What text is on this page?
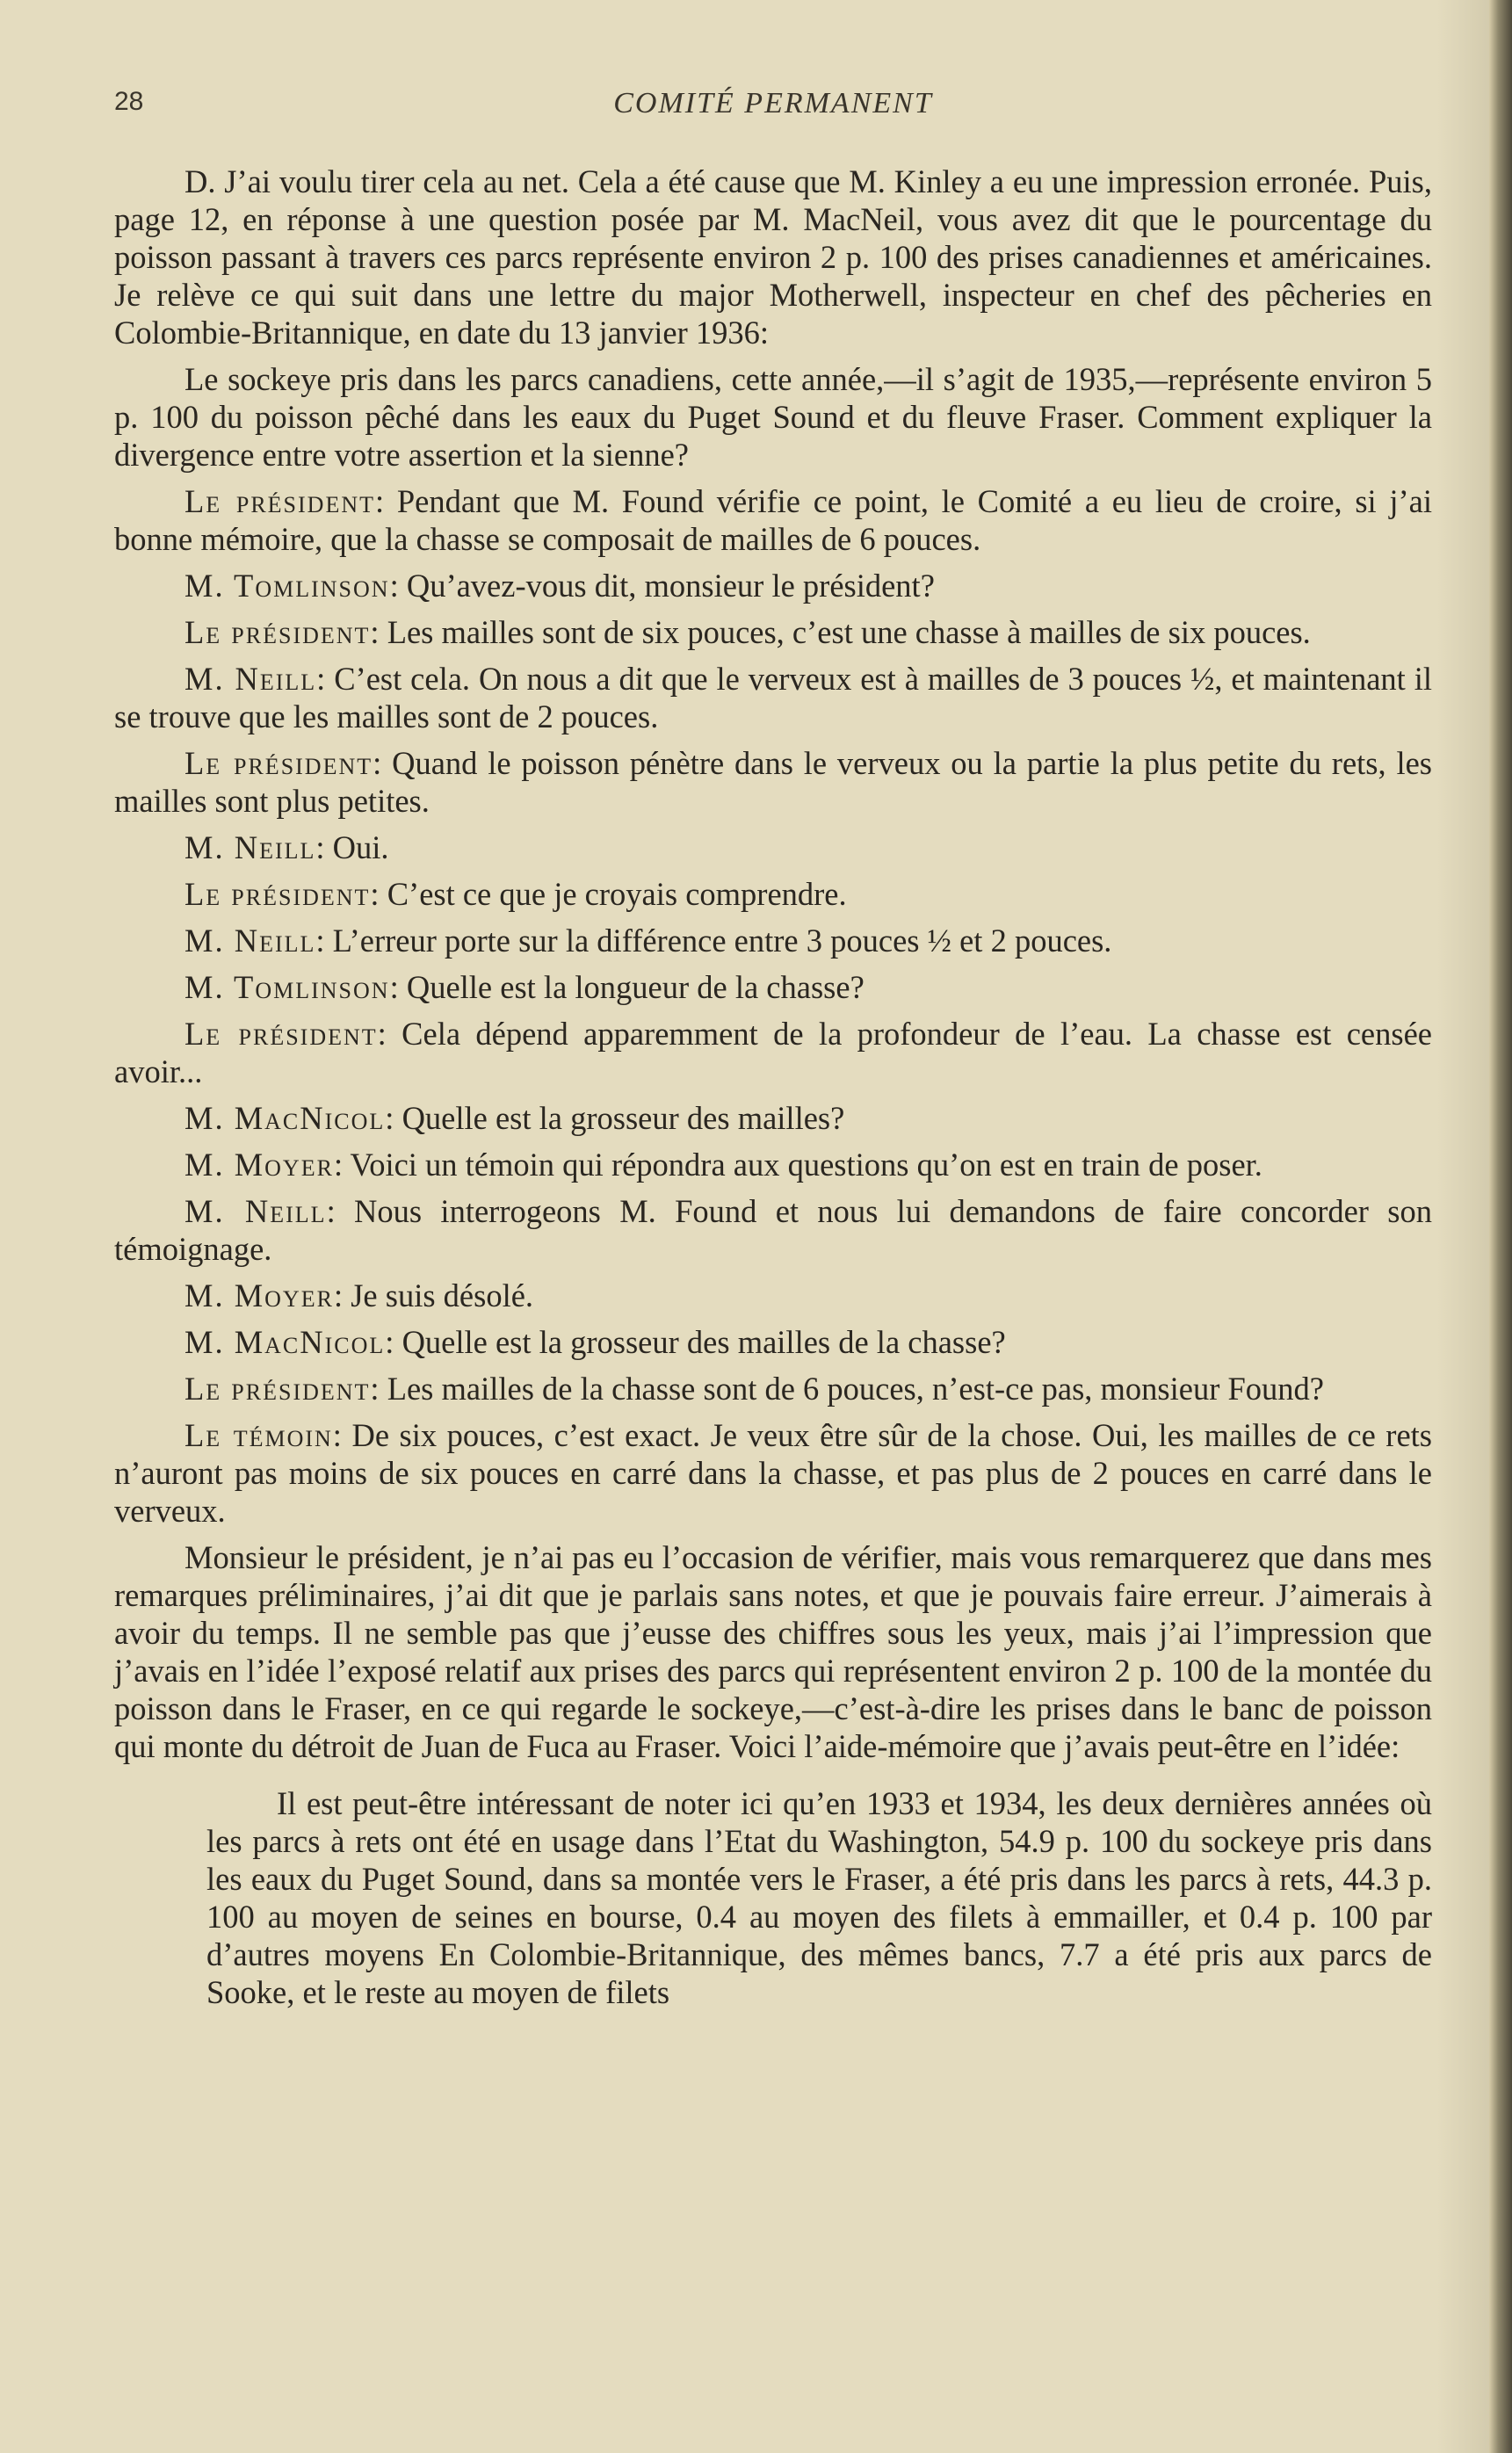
28	COMITÉ PERMANENT

D. J’ai voulu tirer cela au net. Cela a été cause que M. Kinley a eu une impression erronée. Puis, page 12, en réponse à une question posée par M. MacNeil, vous avez dit que le pourcentage du poisson passant à travers ces parcs représente environ 2 p. 100 des prises canadiennes et américaines. Je relève ce qui suit dans une lettre du major Motherwell, inspecteur en chef des pêcheries en Colombie-Britannique, en date du 13 janvier 1936:

Le sockeye pris dans les parcs canadiens, cette année,—il s’agit de 1935,—représente environ 5 p. 100 du poisson pêché dans les eaux du Puget Sound et du fleuve Fraser. Comment expliquer la divergence entre votre assertion et la sienne?

Le président: Pendant que M. Found vérifie ce point, le Comité a eu lieu de croire, si j’ai bonne mémoire, que la chasse se composait de mailles de 6 pouces.

M. Tomlinson: Qu’avez-vous dit, monsieur le président?

Le président: Les mailles sont de six pouces, c’est une chasse à mailles de six pouces.

M. Neill: C’est cela. On nous a dit que le verveux est à mailles de 3 pouces ½, et maintenant il se trouve que les mailles sont de 2 pouces.

Le président: Quand le poisson pénètre dans le verveux ou la partie la plus petite du rets, les mailles sont plus petites.

M. Neill: Oui.

Le président: C’est ce que je croyais comprendre.

M. Neill: L’erreur porte sur la différence entre 3 pouces ½ et 2 pouces.

M. Tomlinson: Quelle est la longueur de la chasse?

Le président: Cela dépend apparemment de la profondeur de l’eau. La chasse est censée avoir...

M. MacNicol: Quelle est la grosseur des mailles?

M. Moyer: Voici un témoin qui répondra aux questions qu’on est en train de poser.

M. Neill: Nous interrogeons M. Found et nous lui demandons de faire concorder son témoignage.

M. Moyer: Je suis désolé.

M. MacNicol: Quelle est la grosseur des mailles de la chasse?

Le président: Les mailles de la chasse sont de 6 pouces, n’est-ce pas, monsieur Found?

Le témoin: De six pouces, c’est exact. Je veux être sûr de la chose. Oui, les mailles de ce rets n’auront pas moins de six pouces en carré dans la chasse, et pas plus de 2 pouces en carré dans le verveux.

Monsieur le président, je n’ai pas eu l’occasion de vérifier, mais vous remarquerez que dans mes remarques préliminaires, j’ai dit que je parlais sans notes, et que je pouvais faire erreur. J’aimerais à avoir du temps. Il ne semble pas que j’eusse des chiffres sous les yeux, mais j’ai l’impression que j’avais en l’idée l’exposé relatif aux prises des parcs qui représentent environ 2 p. 100 de la montée du poisson dans le Fraser, en ce qui regarde le sockeye,—c’est-à-dire les prises dans le banc de poisson qui monte du détroit de Juan de Fuca au Fraser. Voici l’aide-mémoire que j’avais peut-être en l’idée:

Il est peut-être intéressant de noter ici qu’en 1933 et 1934, les deux dernières années où les parcs à rets ont été en usage dans l’Etat du Washington, 54.9 p. 100 du sockeye pris dans les eaux du Puget Sound, dans sa montée vers le Fraser, a été pris dans les parcs à rets, 44.3 p. 100 au moyen de seines en bourse, 0.4 au moyen des filets à emmailler, et 0.4 p. 100 par d’autres moyens En Colombie-Britannique, des mêmes bancs, 7.7 a été pris aux parcs de Sooke, et le reste au moyen de filets
